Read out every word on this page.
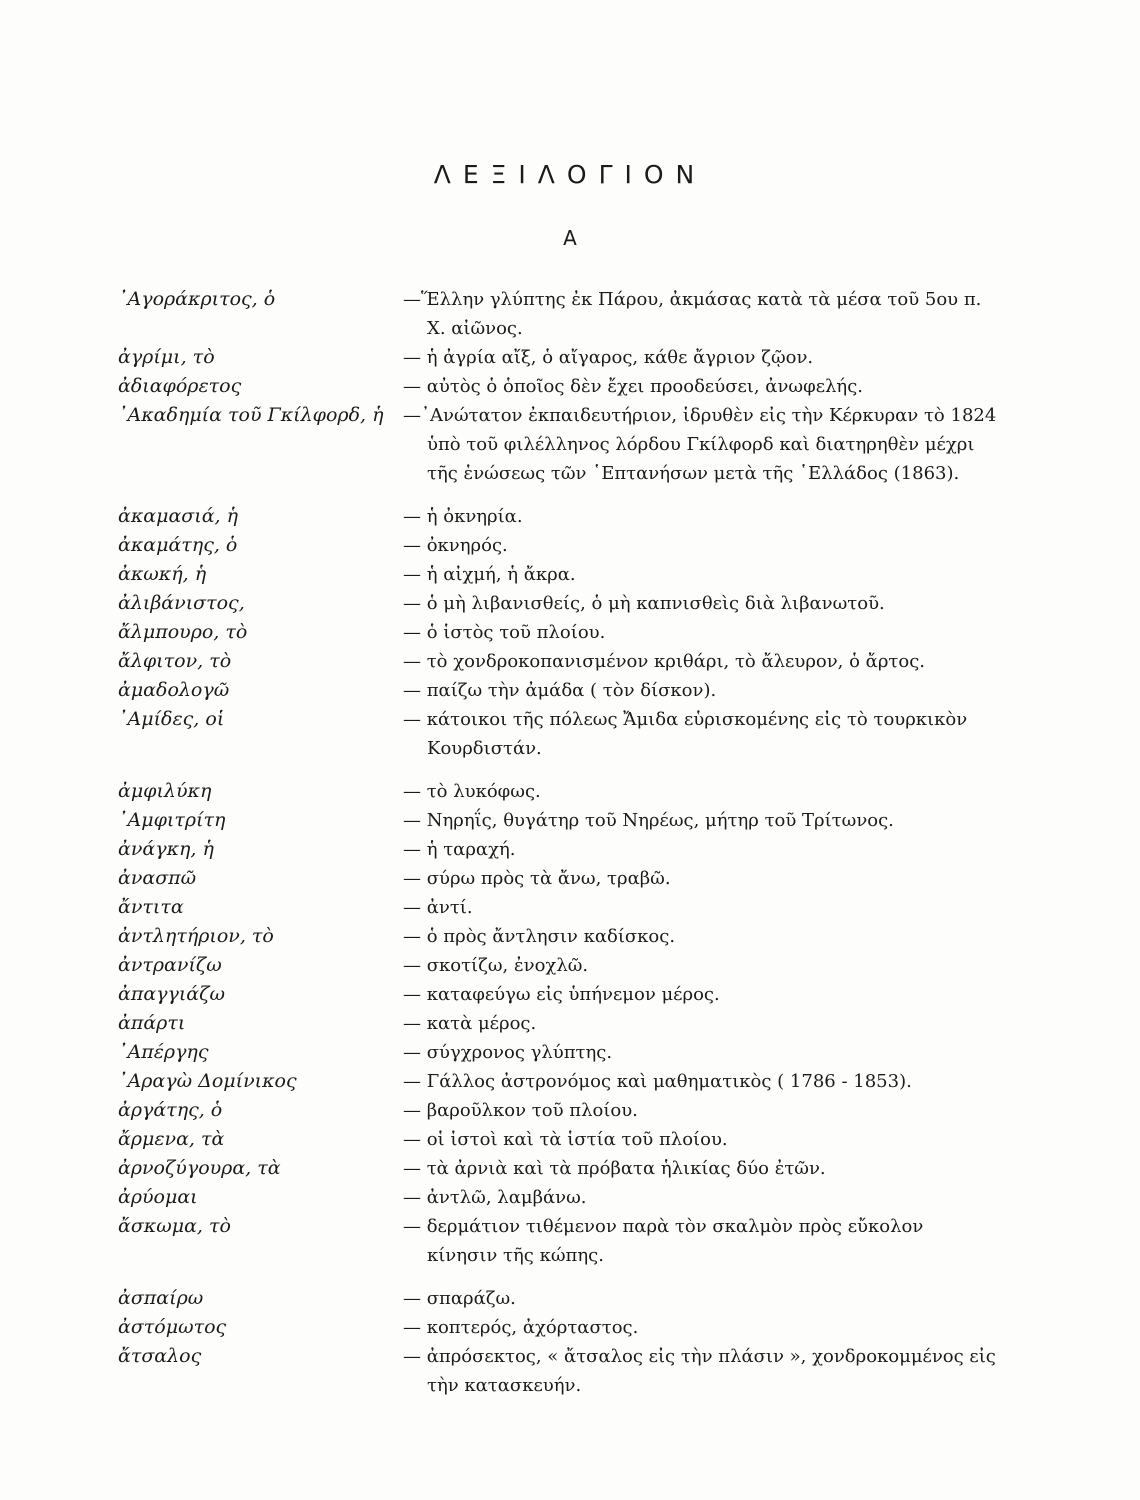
ΛΕΞΙΛΟΓΙΟΝ
Α
᾿Αγοράκριτος, ὁ	—Ἕλλην γλύπτης ἐκ Πάρου, ἀκμάσας κατὰ τὰ μέσα τοῦ 5ου π. Χ. αἰῶνος.
ἀγρίμι, τὸ	— ἡ ἀγρία αἴξ, ὁ αἴγαρος, κάθε ἄγριον ζῷον.
ἀδιαφόρετος	— αὐτὸς ὁ ὁποῖος δὲν ἔχει προοδεύσει, ἀνωφελής.
᾿Ακαδημία τοῦ Γκίλφορδ, ἡ	—᾿Ανώτατον ἐκπαιδευτήριον, ἱδρυθὲν εἰς τὴν Κέρκυραν τὸ 1824 ὑπὸ τοῦ φιλέλληνος λόρδου Γκίλφορδ καὶ διατηρηθὲν μέχρι τῆς ἑνώσεως τῶν ῾Επτανήσων μετὰ τῆς ῾Ελλάδος (1863).
ἀκαμασιά, ἡ	— ἡ ὀκνηρία.
ἀκαμάτης, ὁ	— ὀκνηρός.
ἀκωκή, ἡ	— ἡ αἰχμή, ἡ ἄκρα.
ἀλιβάνιστος,	— ὁ μὴ λιβανισθείς, ὁ μὴ καπνισθεὶς διὰ λιβανωτοῦ.
ἄλμπουρο, τὸ	— ὁ ἱστὸς τοῦ πλοίου.
ἄλφιτον, τὸ	— τὸ χονδροκοπανισμένον κριθάρι, τὸ ἄλευρον, ὁ ἄρτος.
ἀμαδολογῶ	— παίζω τὴν ἀμάδα ( τὸν δίσκον).
᾿Αμίδες, οἱ	— κάτοικοι τῆς πόλεως Ἄμιδα εὑρισκομένης εἰς τὸ τουρκικὸν Κουρδιστάν.
ἀμφιλύκη	— τὸ λυκόφως.
᾿Αμφιτρίτη	— Νηρηΐς, θυγάτηρ τοῦ Νηρέως, μήτηρ τοῦ Τρίτωνος.
ἀνάγκη, ἡ	— ἡ ταραχή.
ἀνασπῶ	— σύρω πρὸς τὰ ἄνω, τραβῶ.
ἄντιτα	— ἀντί.
ἀντλητήριον, τὸ	— ὁ πρὸς ἄντλησιν καδίσκος.
ἀντρανίζω	— σκοτίζω, ἐνοχλῶ.
ἀπαγγιάζω	— καταφεύγω εἰς ὑπήνεμον μέρος.
ἀπάρτι	— κατὰ μέρος.
᾿Απέργης	— σύγχρονος γλύπτης.
᾿Αραγὼ Δομίνικος	— Γάλλος ἀστρονόμος καὶ μαθηματικὸς ( 1786 - 1853).
ἀργάτης, ὁ	— βαροῦλκον τοῦ πλοίου.
ἄρμενα, τὰ	— οἱ ἱστοὶ καὶ τὰ ἱστία τοῦ πλοίου.
ἀρνοζύγουρα, τὰ	— τὰ ἀρνιὰ καὶ τὰ πρόβατα ἡλικίας δύο ἐτῶν.
ἀρύομαι	— ἀντλῶ, λαμβάνω.
ἄσκωμα, τὸ	— δερμάτιον τιθέμενον παρὰ τὸν σκαλμὸν πρὸς εὔκολον κίνησιν τῆς κώπης.
ἀσπαίρω	— σπαράζω.
ἀστόμωτος	— κοπτερός, ἀχόρταστος.
ἄτσαλος	— ἀπρόσεκτος, « ἄτσαλος εἰς τὴν πλάσιν », χονδροκομμένος εἰς τὴν κατασκευήν.
